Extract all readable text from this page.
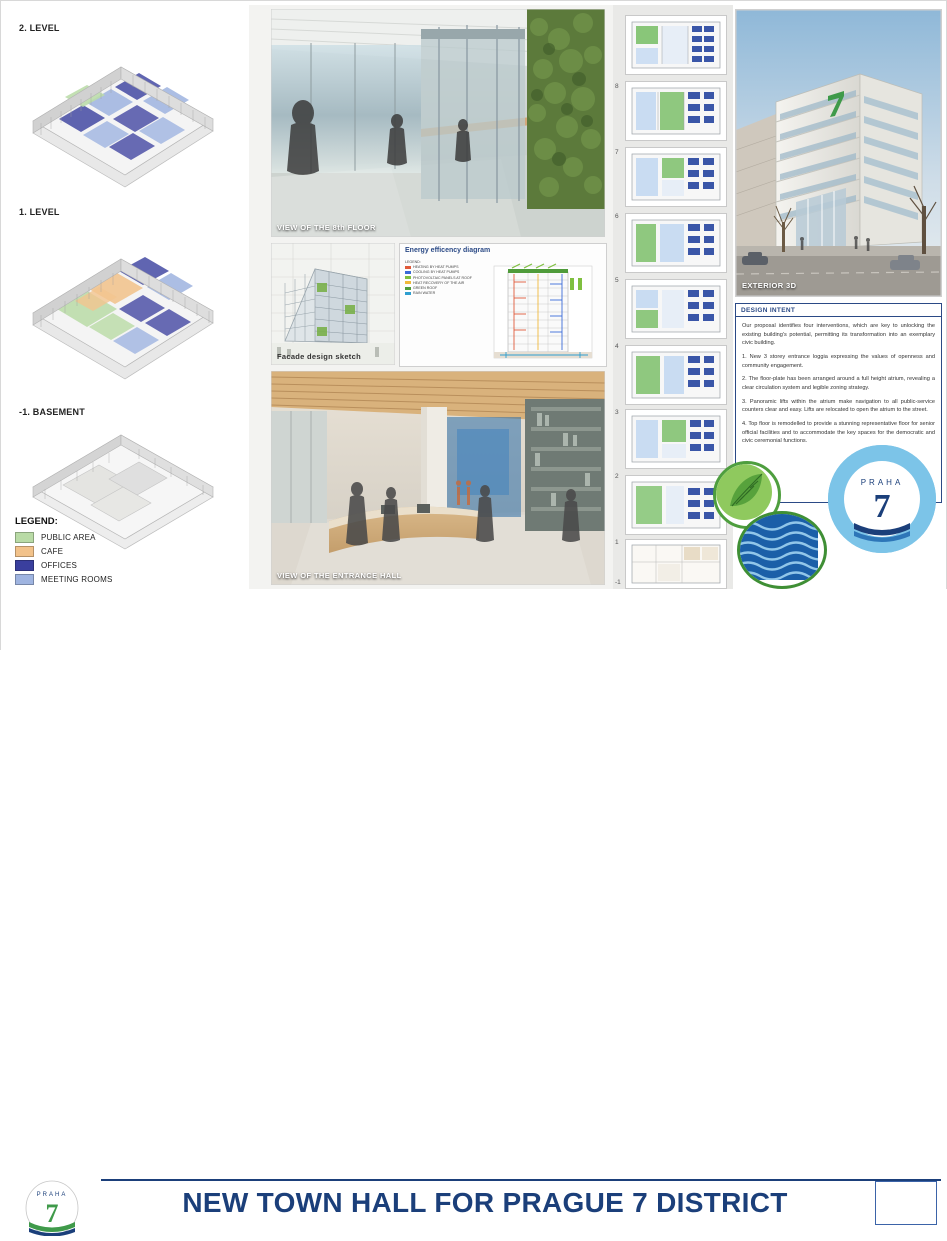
2. LEVEL
1. LEVEL
-1. BASEMENT
LEGEND:
PUBLIC AREA
CAFE
OFFICES
MEETING ROOMS
VIEW OF THE 8th FLOOR
Facade design sketch
Energy efficency diagram
LEGEND:
HEATING BY HEAT PUMPS
COOLING BY HEAT PUMPS
PHOTOVOLTAIC PANELS AT ROOF
HEAT RECOVERY OF THE AIR
GREEN ROOF
RAIN WATER
VIEW OF THE ENTRANCE HALL
8
7
6
5
4
3
2
1
-1
EXTERIOR 3D
DESIGN INTENT

Our proposal identifies four interventions, which are key to unlocking the existing building's potential, permitting its transformation into an exemplary civic building.

1. New 3 storey entrance loggia expressing the values of openness and community engagement.

2. The floor-plate has been arranged around a full height atrium, revealing a clear circulation system and legible zoning strategy.

3. Panoramic lifts within the atrium make navigation to all public-service counters clear and easy. Lifts are relocated to open the atrium to the street.

4. Top floor is remodelled to provide a stunning representative floor for senior official facilities and to accommodate the key spaces for the democratic and civic ceremonial functions.

PRAHA
7
PRAHA
7	NEW TOWN HALL FOR PRAGUE 7 DISTRICT
